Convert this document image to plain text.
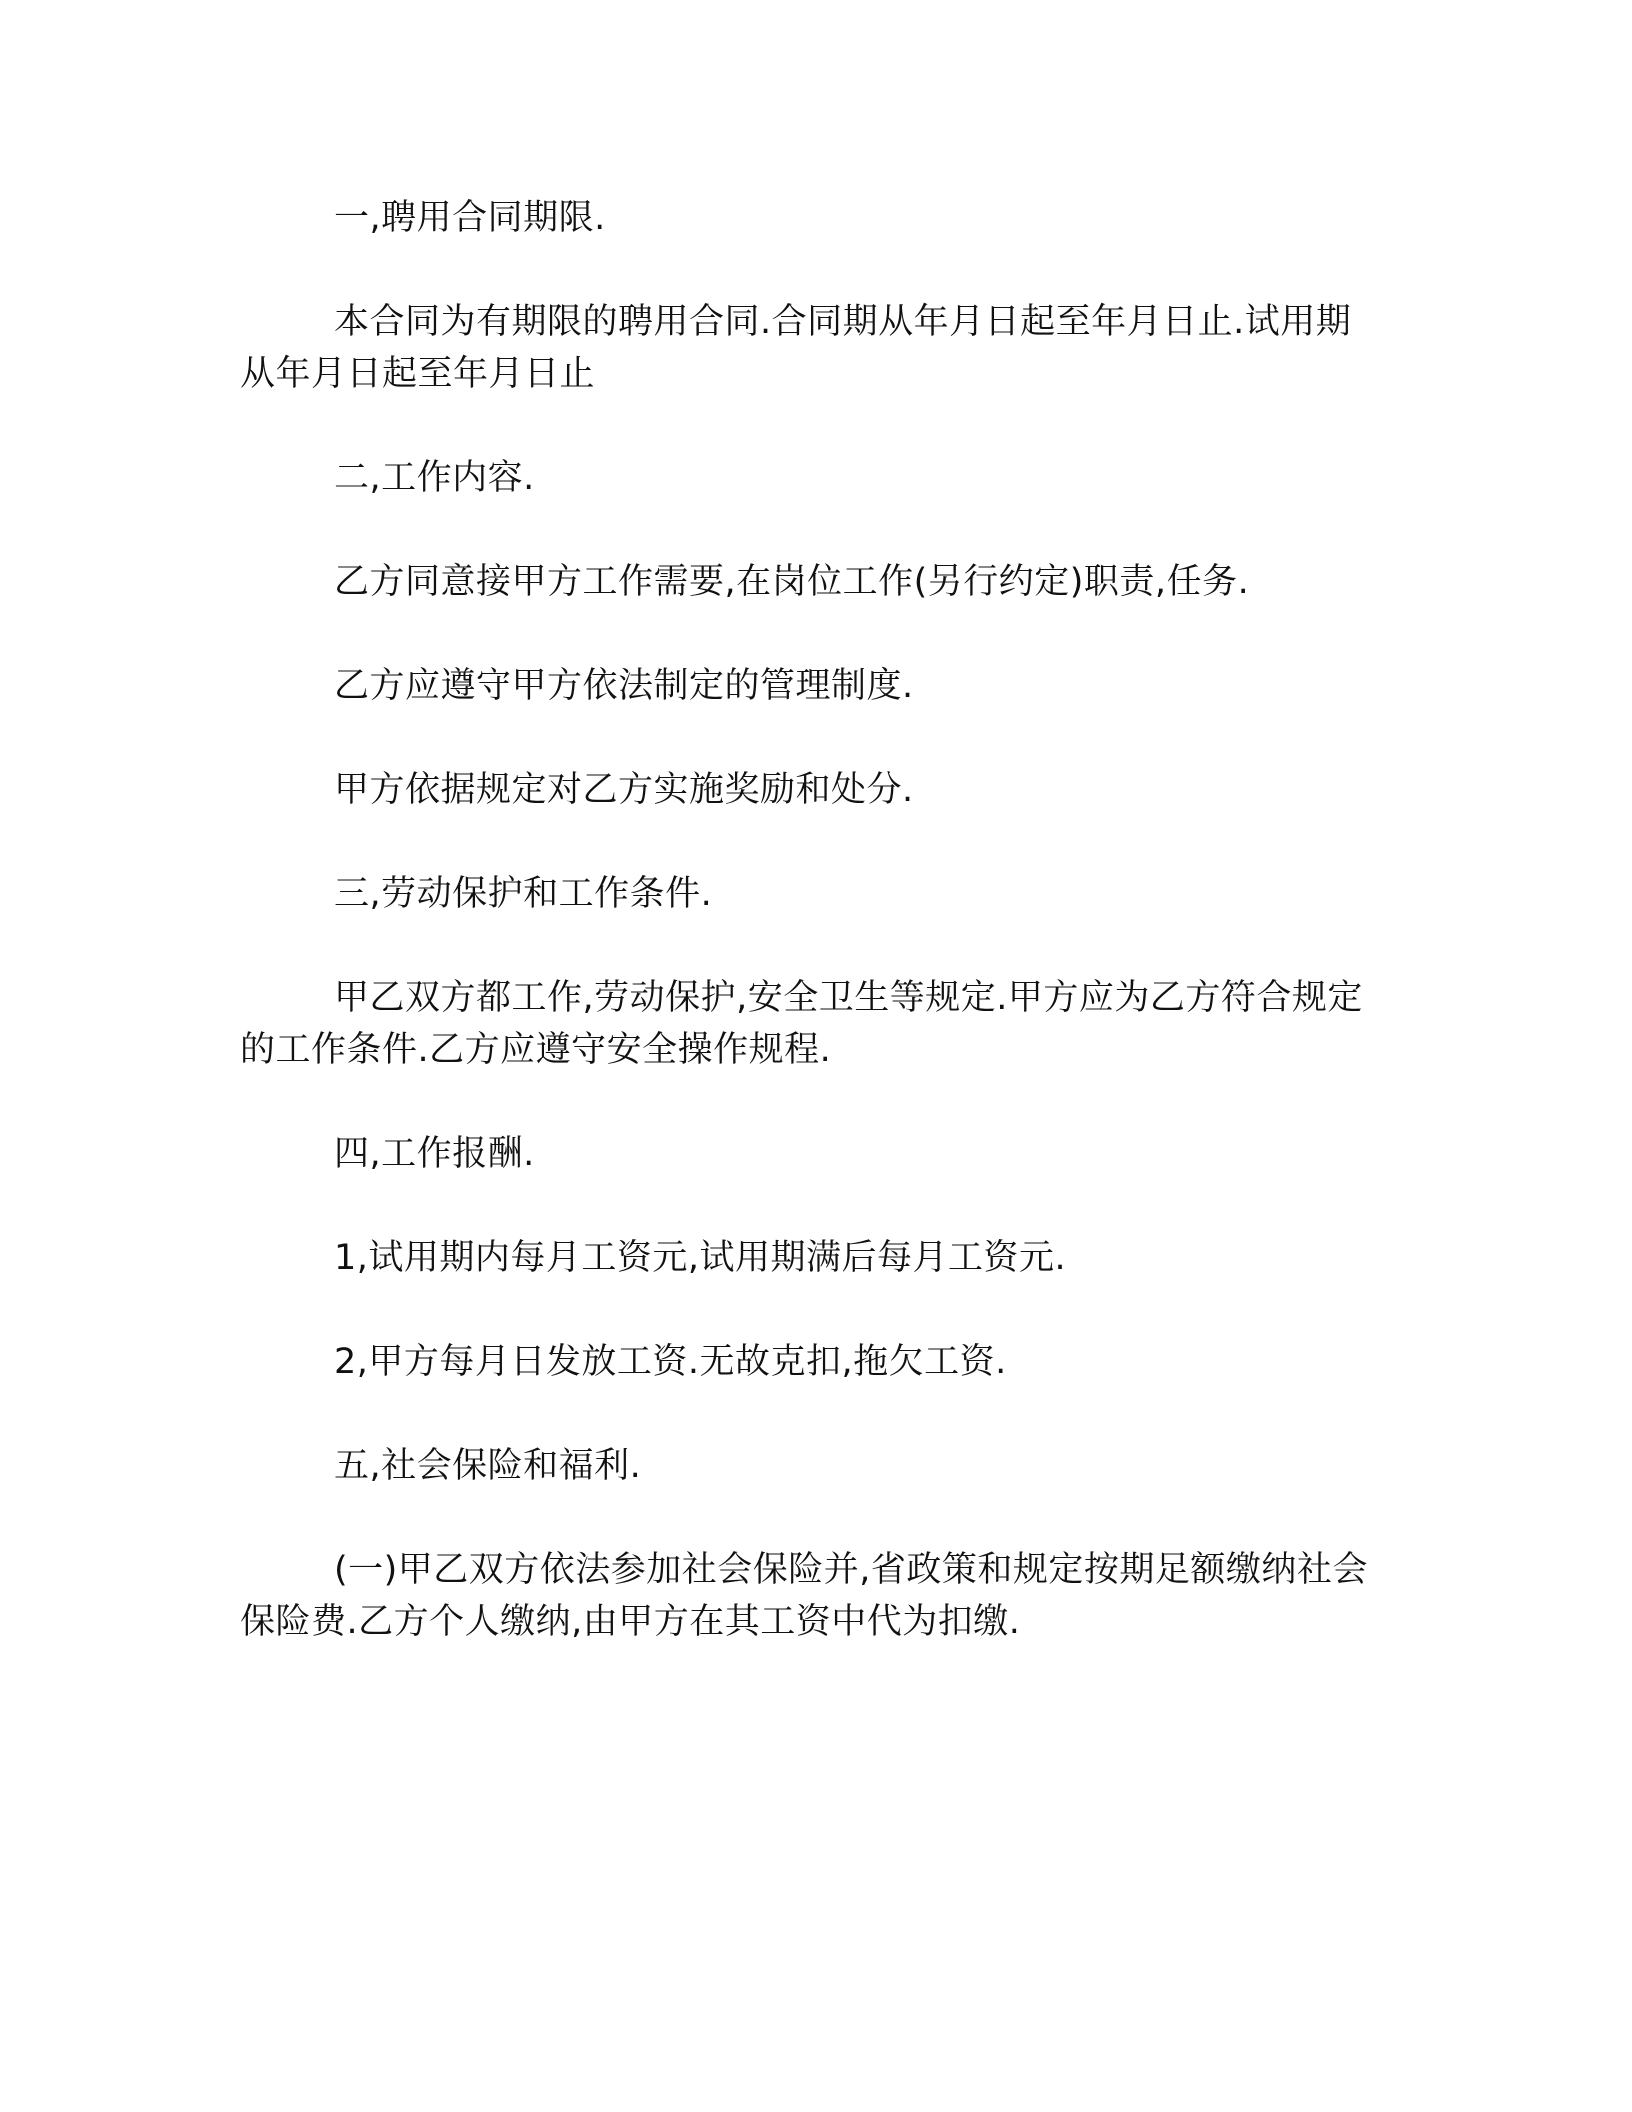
一,聘用合同期限.

本合同为有期限的聘用合同.合同期从年月日起至年月日止.试用期从年月日起至年月日止

二,工作内容.

乙方同意接甲方工作需要,在岗位工作(另行约定)职责,任务.

乙方应遵守甲方依法制定的管理制度.

甲方依据规定对乙方实施奖励和处分.

三,劳动保护和工作条件.

甲乙双方都工作,劳动保护,安全卫生等规定.甲方应为乙方符合规定的工作条件.乙方应遵守安全操作规程.

四,工作报酬.

1,试用期内每月工资元,试用期满后每月工资元.

2,甲方每月日发放工资.无故克扣,拖欠工资.

五,社会保险和福利.

(一)甲乙双方依法参加社会保险并,省政策和规定按期足额缴纳社会保险费.乙方个人缴纳,由甲方在其工资中代为扣缴.
